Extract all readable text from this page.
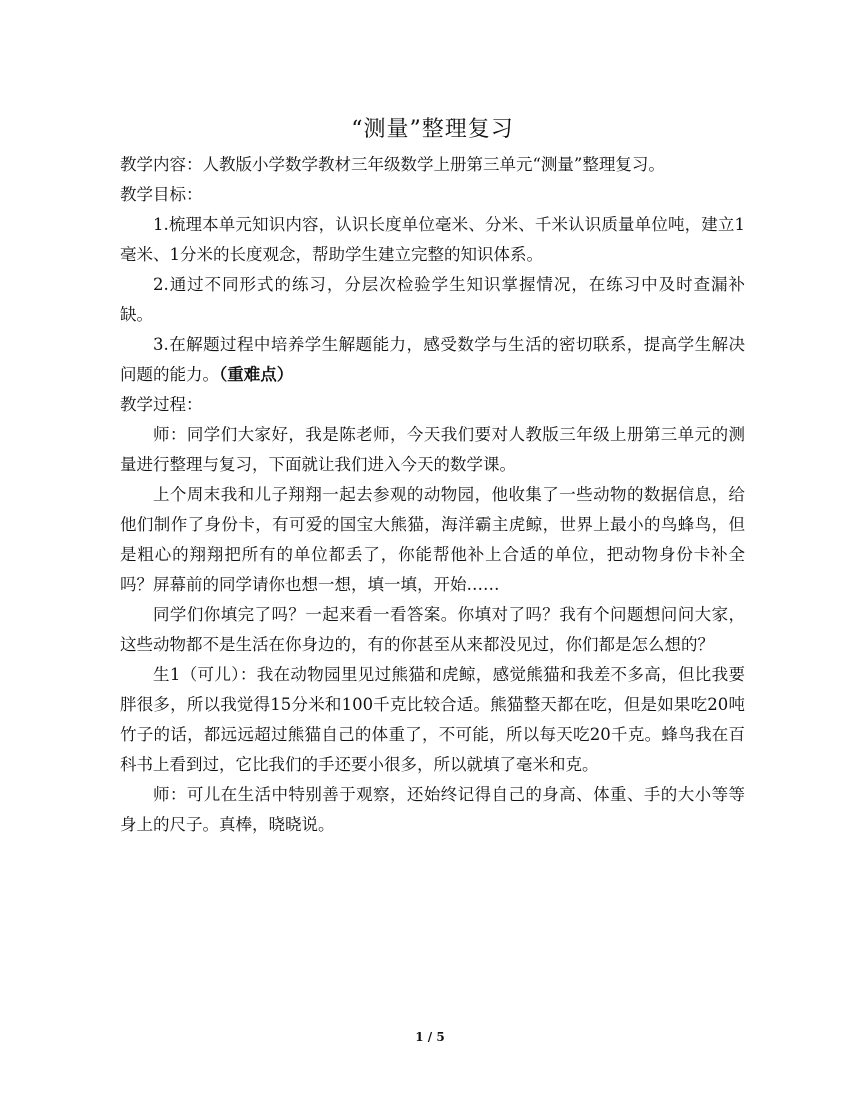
“测量”整理复习

教学内容：人教版小学数学教材三年级数学上册第三单元“测量”整理复习。

教学目标：

1.梳理本单元知识内容，认识长度单位毫米、分米、千米认识质量单位吨，建立1毫米、1分米的长度观念，帮助学生建立完整的知识体系。

2.通过不同形式的练习，分层次检验学生知识掌握情况，在练习中及时查漏补缺。

3.在解题过程中培养学生解题能力，感受数学与生活的密切联系，提高学生解决问题的能力。（重难点）

教学过程：

师：同学们大家好，我是陈老师，今天我们要对人教版三年级上册第三单元的测量进行整理与复习，下面就让我们进入今天的数学课。

上个周末我和儿子翔翔一起去参观的动物园，他收集了一些动物的数据信息，给他们制作了身份卡，有可爱的国宝大熊猫，海洋霸主虎鲸，世界上最小的鸟蜂鸟，但是粗心的翔翔把所有的单位都丢了，你能帮他补上合适的单位，把动物身份卡补全吗？屏幕前的同学请你也想一想，填一填，开始……

同学们你填完了吗？一起来看一看答案。你填对了吗？我有个问题想问问大家，这些动物都不是生活在你身边的，有的你甚至从来都没见过，你们都是怎么想的？

生1（可儿）：我在动物园里见过熊猫和虎鲸，感觉熊猫和我差不多高，但比我要胖很多，所以我觉得15分米和100千克比较合适。熊猫整天都在吃，但是如果吃20吨竹子的话，都远远超过熊猫自己的体重了，不可能，所以每天吃20千克。蜂鸟我在百科书上看到过，它比我们的手还要小很多，所以就填了毫米和克。

师：可儿在生活中特别善于观察，还始终记得自己的身高、体重、手的大小等等身上的尺子。真棒，晓晓说。

1 / 5
